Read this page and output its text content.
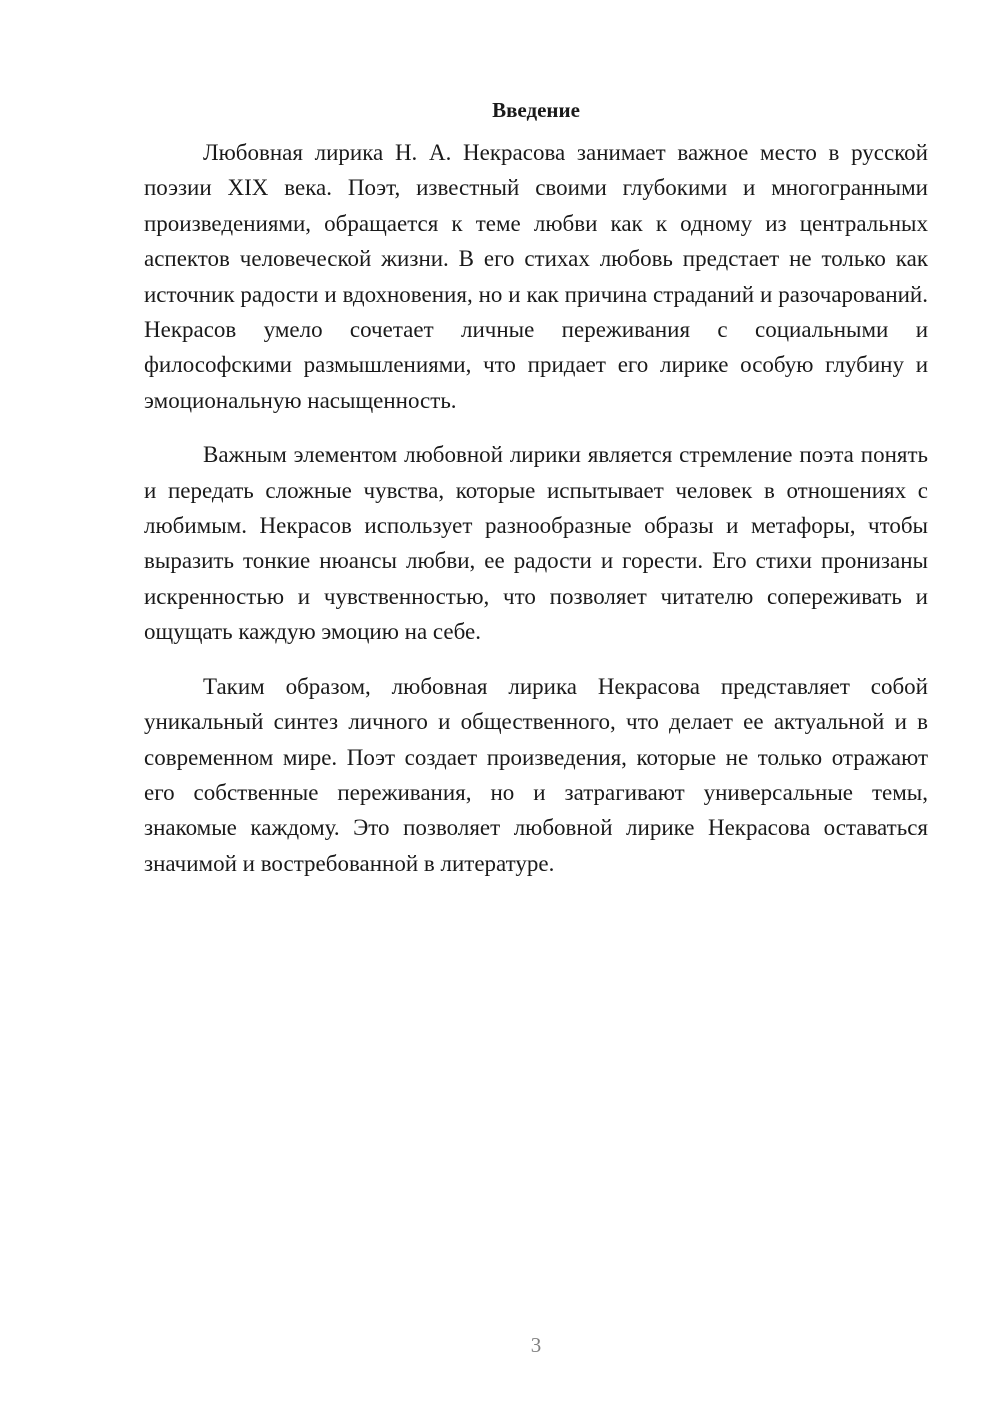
Введение

Любовная лирика Н. А. Некрасова занимает важное место в русской поэзии XIX века. Поэт, известный своими глубокими и многогранными произведениями, обращается к теме любви как к одному из центральных аспектов человеческой жизни. В его стихах любовь предстает не только как источник радости и вдохновения, но и как причина страданий и разочарований. Некрасов умело сочетает личные переживания с социальными и философскими размышлениями, что придает его лирике особую глубину и эмоциональную насыщенность.

Важным элементом любовной лирики является стремление поэта понять и передать сложные чувства, которые испытывает человек в отношениях с любимым. Некрасов использует разнообразные образы и метафоры, чтобы выразить тонкие нюансы любви, ее радости и горести. Его стихи пронизаны искренностью и чувственностью, что позволяет читателю сопереживать и ощущать каждую эмоцию на себе.

Таким образом, любовная лирика Некрасова представляет собой уникальный синтез личного и общественного, что делает ее актуальной и в современном мире. Поэт создает произведения, которые не только отражают его собственные переживания, но и затрагивают универсальные темы, знакомые каждому. Это позволяет любовной лирике Некрасова оставаться значимой и востребованной в литературе.

3
